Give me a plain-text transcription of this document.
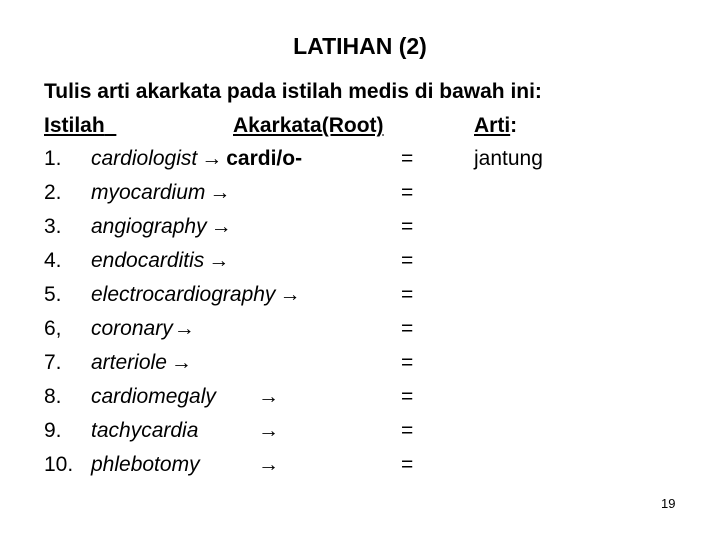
LATIHAN (2)
Tulis arti akarkata pada istilah medis di bawah ini:
Istilah	Akarkata(Root)	Arti:
1. cardiologist → cardi/o-	=	jantung
2. myocardium →	=
3. angiography →	=
4. endocarditis →	=
5. electrocardiography →	=
6, coronary→	=
7. arteriole →	=
8. cardiomegaly →	=
9. tachycardia	→	=
10. phlebotomy	→	=
19
